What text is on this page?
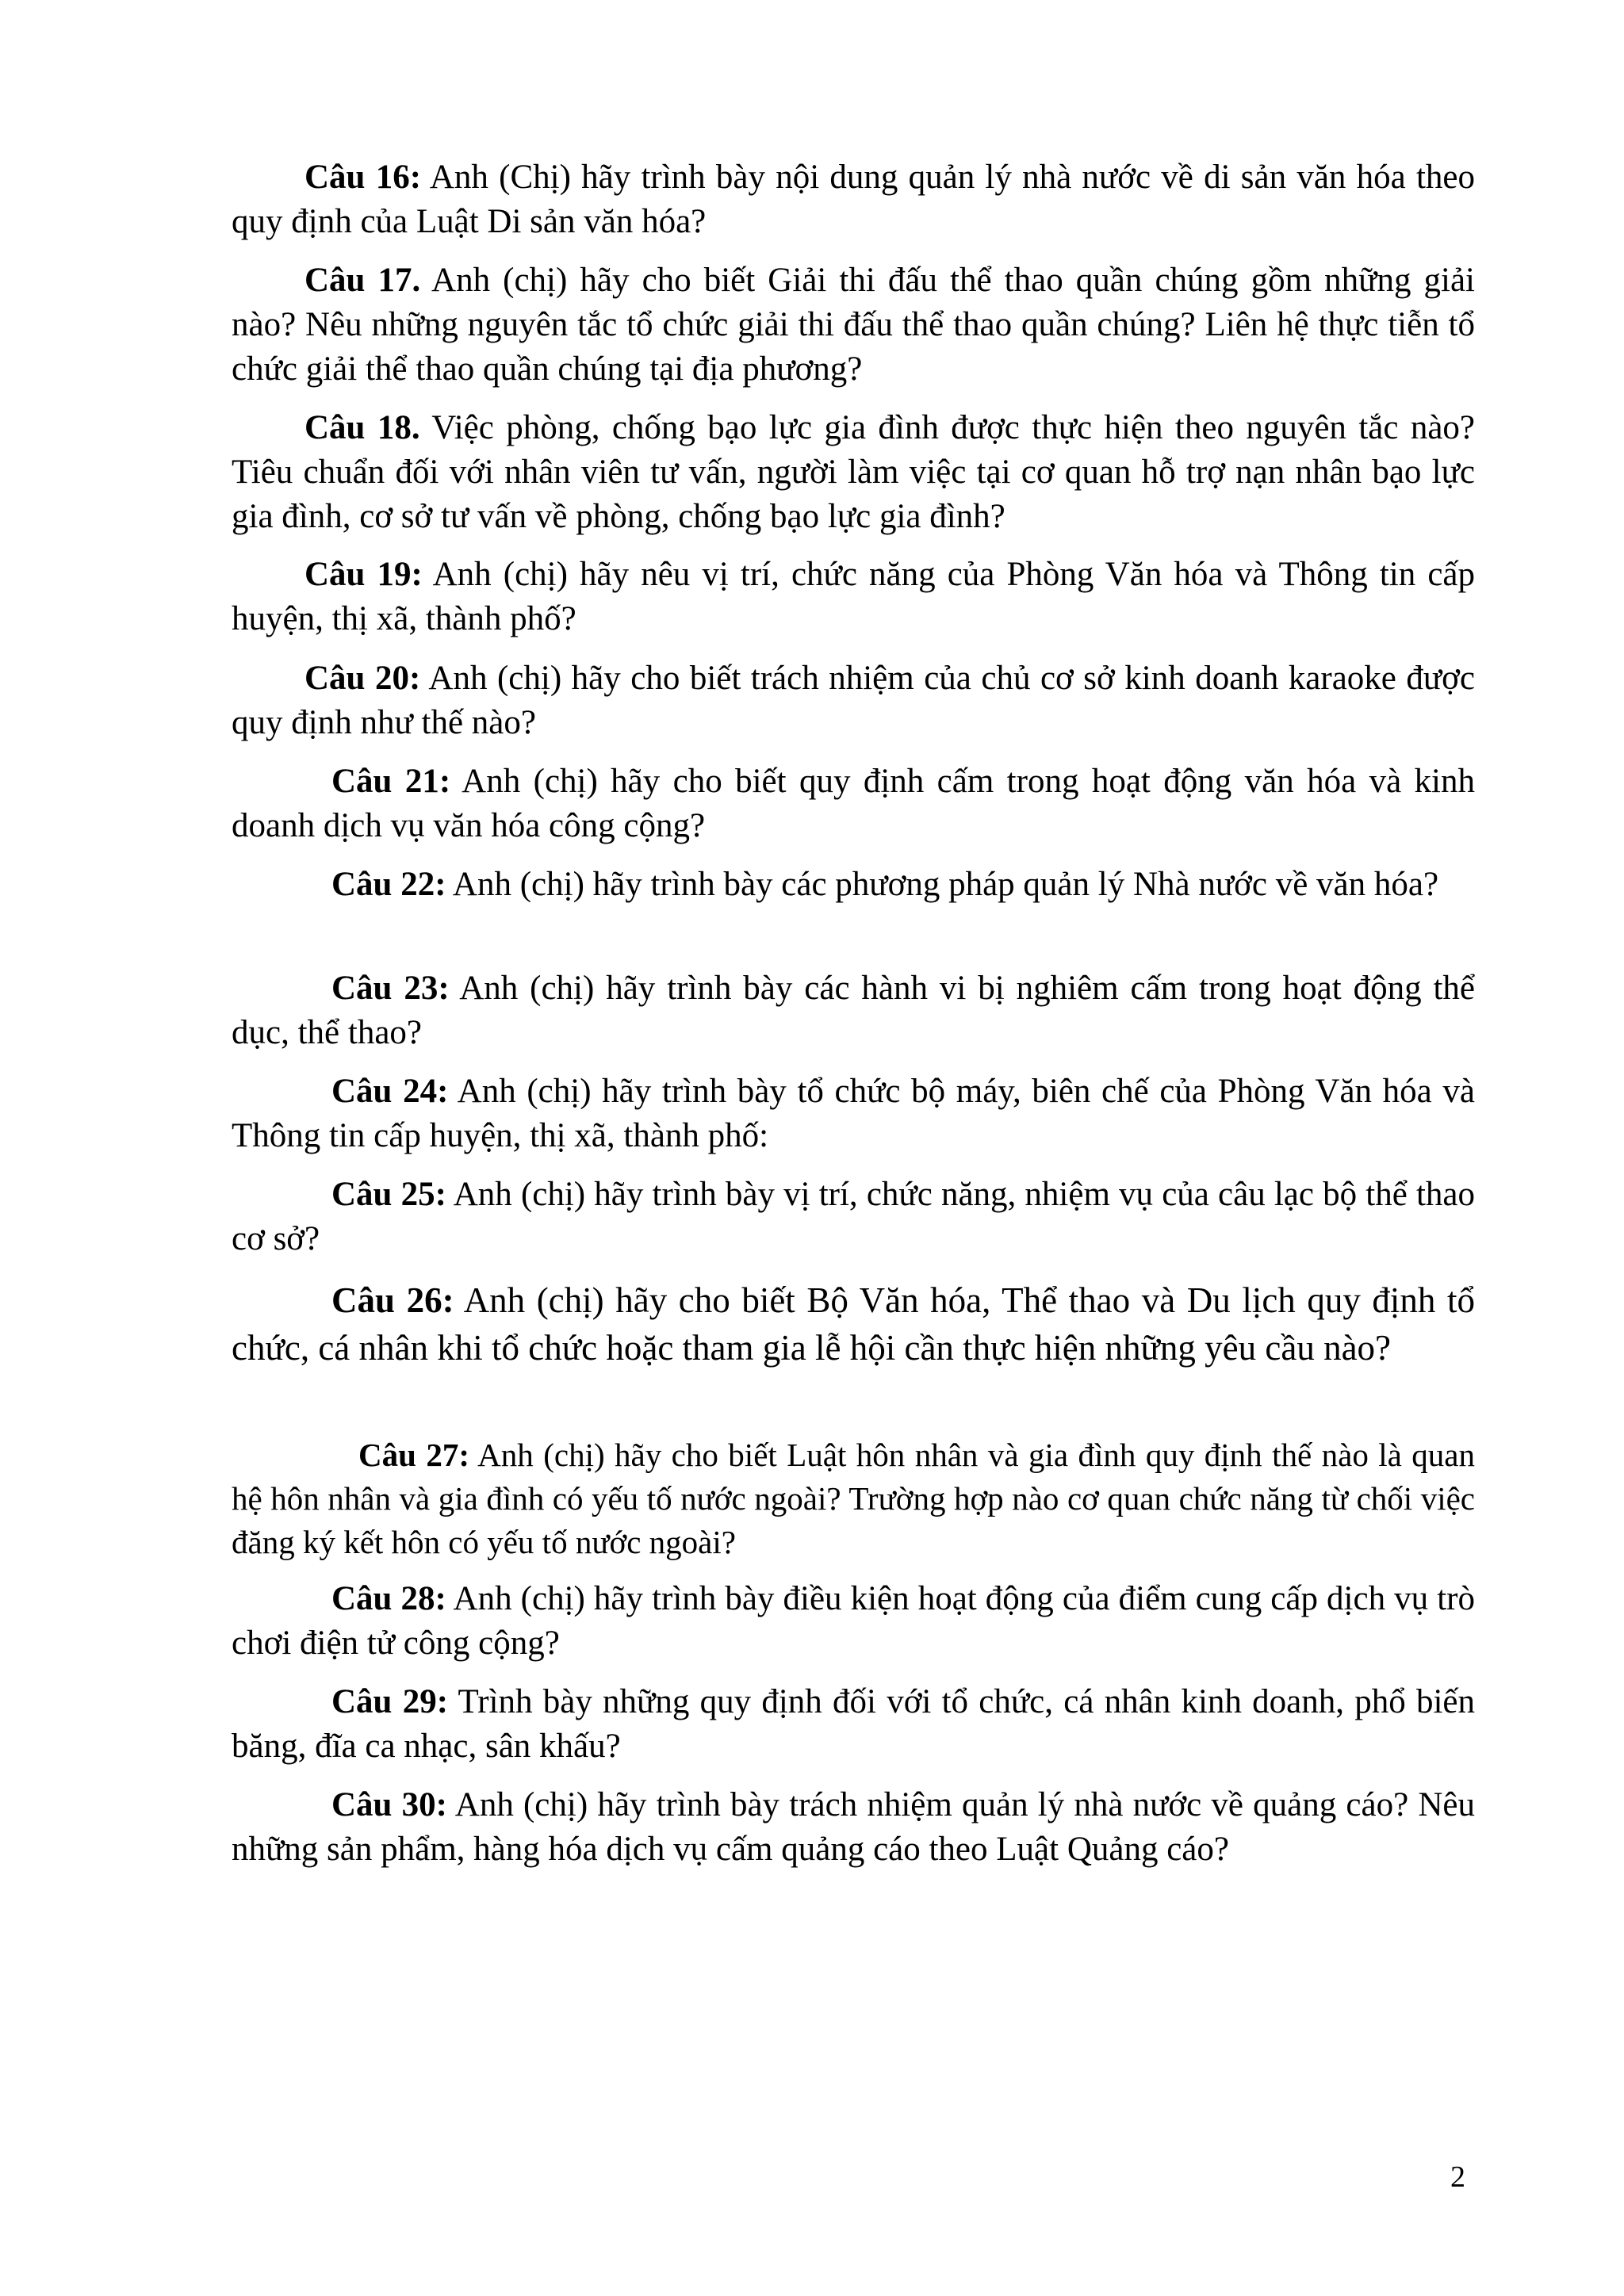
Câu 16: Anh (Chị) hãy trình bày nội dung quản lý nhà nước về di sản văn hóa theo quy định của Luật Di sản văn hóa?

Câu 17. Anh (chị) hãy cho biết Giải thi đấu thể thao quần chúng gồm những giải nào? Nêu những nguyên tắc tổ chức giải thi đấu thể thao quần chúng? Liên hệ thực tiễn tổ chức giải thể thao quần chúng tại địa phương?

Câu 18. Việc phòng, chống bạo lực gia đình được thực hiện theo nguyên tắc nào? Tiêu chuẩn đối với nhân viên tư vấn, người làm việc tại cơ quan hỗ trợ nạn nhân bạo lực gia đình, cơ sở tư vấn về phòng, chống bạo lực gia đình?

Câu 19: Anh (chị) hãy nêu vị trí, chức năng của Phòng Văn hóa và Thông tin cấp huyện, thị xã, thành phố?

Câu 20: Anh (chị) hãy cho biết trách nhiệm của chủ cơ sở kinh doanh karaoke được quy định như thế nào?

Câu 21: Anh (chị) hãy cho biết quy định cấm trong hoạt động văn hóa và kinh doanh dịch vụ văn hóa công cộng?

Câu 22: Anh (chị) hãy trình bày các phương pháp quản lý Nhà nước về văn hóa?

Câu 23: Anh (chị) hãy trình bày các hành vi bị nghiêm cấm trong hoạt động thể dục, thể thao?

Câu 24: Anh (chị) hãy trình bày tổ chức bộ máy, biên chế của Phòng Văn hóa và Thông tin cấp huyện, thị xã, thành phố:

Câu 25: Anh (chị) hãy trình bày vị trí, chức năng, nhiệm vụ của câu lạc bộ thể thao cơ sở?

Câu 26: Anh (chị) hãy cho biết Bộ Văn hóa, Thể thao và Du lịch quy định tổ chức, cá nhân khi tổ chức hoặc tham gia lễ hội cần thực hiện những yêu cầu nào?

Câu 27: Anh (chị) hãy cho biết Luật hôn nhân và gia đình quy định thế nào là quan hệ hôn nhân và gia đình có yếu tố nước ngoài? Trường hợp nào cơ quan chức năng từ chối việc đăng ký kết hôn có yếu tố nước ngoài?

Câu 28: Anh (chị) hãy trình bày điều kiện hoạt động của điểm cung cấp dịch vụ trò chơi điện tử công cộng?

Câu 29: Trình bày những quy định đối với tổ chức, cá nhân kinh doanh, phổ biến băng, đĩa ca nhạc, sân khấu?

Câu 30: Anh (chị) hãy trình bày trách nhiệm quản lý nhà nước về quảng cáo? Nêu những sản phẩm, hàng hóa dịch vụ cấm quảng cáo theo Luật Quảng cáo?

2
